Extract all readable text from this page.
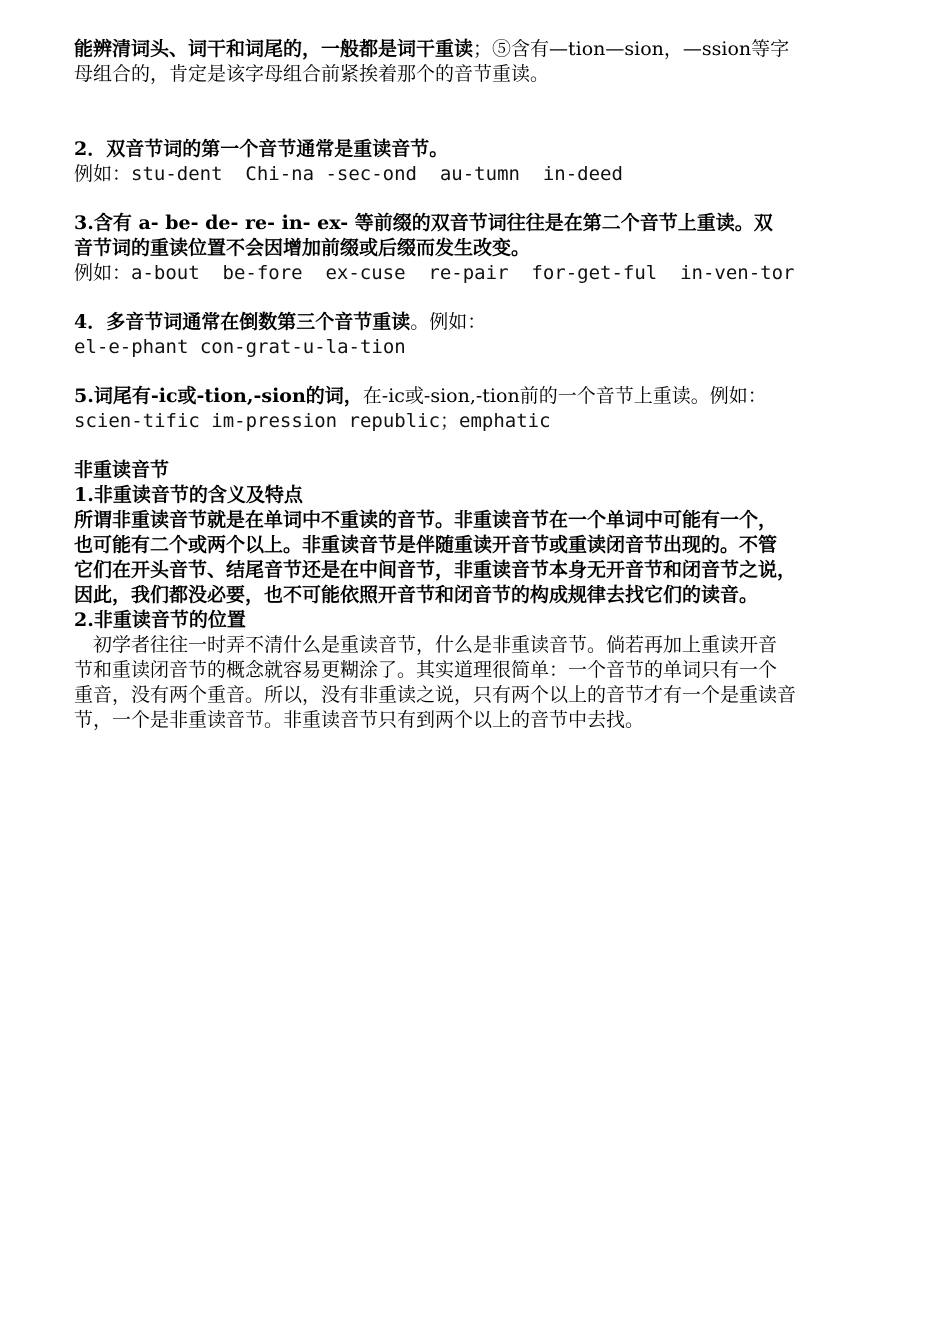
能辨清词头、词干和词尾的，一般都是词干重读；⑤含有—tion—sion，—ssion等字
母组合的，肯定是该字母组合前紧挨着那个的音节重读。
2．双音节词的第一个音节通常是重读音节。
例如：stu-dent  Chi-na -sec-ond  au-tumn  in-deed
3.含有 a- be- de- re- in- ex- 等前缀的双音节词往往是在第二个音节上重读。双
音节词的重读位置不会因增加前缀或后缀而发生改变。
例如：a-bout  be-fore  ex-cuse  re-pair  for-get-ful  in-ven-tor
4．多音节词通常在倒数第三个音节重读。例如：
el-e-phant con-grat-u-la-tion
5.词尾有-ic或-tion,-sion的词，在-ic或-sion,-tion前的一个音节上重读。例如：
scien-tific im-pression republic；emphatic
非重读音节
1.非重读音节的含义及特点
所谓非重读音节就是在单词中不重读的音节。非重读音节在一个单词中可能有一个，
也可能有二个或两个以上。非重读音节是伴随重读开音节或重读闭音节出现的。不管
它们在开头音节、结尾音节还是在中间音节，非重读音节本身无开音节和闭音节之说，
因此，我们都没必要，也不可能依照开音节和闭音节的构成规律去找它们的读音。
2.非重读音节的位置
初学者往往一时弄不清什么是重读音节，什么是非重读音节。倘若再加上重读开音
节和重读闭音节的概念就容易更糊涂了。其实道理很简单：一个音节的单词只有一个
重音，没有两个重音。所以，没有非重读之说，只有两个以上的音节才有一个是重读音
节，一个是非重读音节。非重读音节只有到两个以上的音节中去找。
